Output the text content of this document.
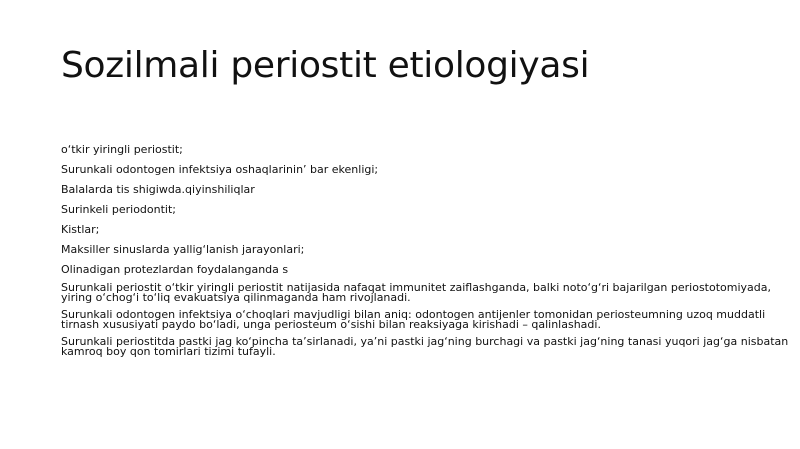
Sozilmali periostit etiologiyasi
o‘tkir yiringli periostit;
Surunkali odontogen infektsiya oshaqlarinin’ bar ekenligi;
Balalarda tis shigiwda.qiyinshiliqlar
Surinkeli periodontit;
Kistlar;
Maksiller sinuslarda yallig‘lanish jarayonlari;
Olinadigan protezlardan foydalanganda s
Surunkali periostit o‘tkir yiringli periostit natijasida nafaqat immunitet zaiflashganda, balki noto‘g‘ri bajarilgan periostotomiyada,
yiring o‘chog‘i to‘liq evakuatsiya qilinmaganda ham rivojlanadi.
Surunkali odontogen infektsiya o‘choqlari mavjudligi bilan aniq: odontogen antijenler tomonidan periosteumning uzoq muddatli
tirnash xususiyati paydo bo‘ladi, unga periosteum o‘sishi bilan reaksiyaga kirishadi – qalinlashadi.
Surunkali periostitda pastki jag ko‘pincha ta’sirlanadi, ya’ni pastki jag‘ning burchagi va pastki jag‘ning tanasi yuqori jag‘ga nisbatan
kamroq boy qon tomirlari tizimi tufayli.
